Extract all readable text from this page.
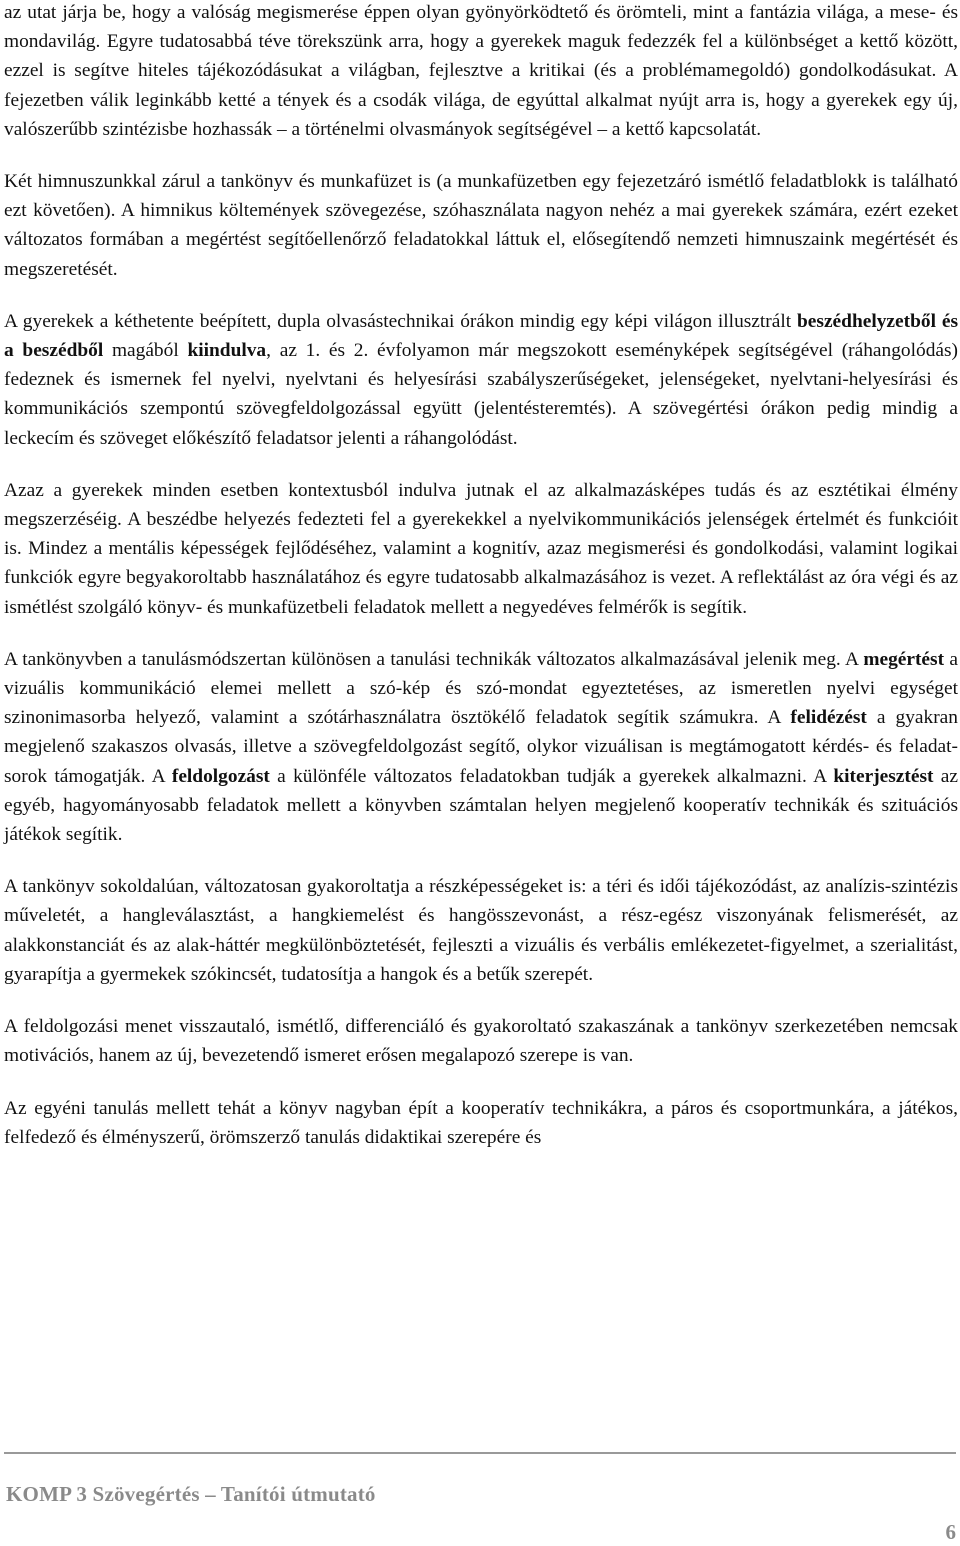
az utat járja be, hogy a valóság megismerése éppen olyan gyönyörködtető és örömteli, mint a fantázia világa, a mese- és mondavilág. Egyre tudatosabbá téve törekszünk arra, hogy a gyerekek maguk fedezzék fel a különbséget a kettő között, ezzel is segítve hiteles tájékozódásukat a világban, fejlesztve a kritikai (és a problémamegoldó) gondolkodásukat. A fejezetben válik leginkább ketté a tények és a csodák világa, de egyúttal alkalmat nyújt arra is, hogy a gyerekek egy új, valószerűbb szintézisbe hozhassák – a történelmi olvasmányok segítségével – a kettő kapcsolatát.

Két himnuszunkkal zárul a tankönyv és munkafüzet is (a munkafüzetben egy fejezetzáró ismétlő feladatblokk is található ezt követően). A himnikus költemények szövegezése, szóhasználata nagyon nehéz a mai gyerekek számára, ezért ezeket változatos formában a megértést segítőellenőrző feladatokkal láttuk el, elősegítendő nemzeti himnuszaink megértését és megszeretését.

A gyerekek a kéthetente beépített, dupla olvasástechnikai órákon mindig egy képi világon illusztrált beszédhelyzetből és a beszédből magából kiindulva, az 1. és 2. évfolyamon már megszokott eseményképek segítségével (ráhangolódás) fedeznek és ismernek fel nyelvi, nyelvtani és helyesírási szabályszerűségeket, jelenségeket, nyelvtani-helyesírási és kommunikációs szempontú szövegfeldolgozással együtt (jelentésteremtés). A szövegértési órákon pedig mindig a leckecím és szöveget előkészítő feladatsor jelenti a ráhangolódást.

Azaz a gyerekek minden esetben kontextusból indulva jutnak el az alkalmazásképes tudás és az esztétikai élmény megszerzéséig. A beszédbe helyezés fedezteti fel a gyerekekkel a nyelvikommunikációs jelenségek értelmét és funkcióit is. Mindez a mentális képességek fejlődéséhez, valamint a kognitív, azaz megismerési és gondolkodási, valamint logikai funkciók egyre begyakoroltabb használatához és egyre tudatosabb alkalmazásához is vezet. A reflektálást az óra végi és az ismétlést szolgáló könyv- és munkafüzetbeli feladatok mellett a negyedéves felmérők is segítik.

A tankönyvben a tanulásmódszertan különösen a tanulási technikák változatos alkalmazásával jelenik meg. A megértést a vizuális kommunikáció elemei mellett a szó-kép és szó-mondat egyeztetéses, az ismeretlen nyelvi egységet szinonimasorba helyező, valamint a szótárhasználatra ösztökélő feladatok segítik számukra. A felidézést a gyakran megjelenő szakaszos olvasás, illetve a szövegfeldolgozást segítő, olykor vizuálisan is megtámogatott kérdés- és feladatsorok támogatják. A feldolgozást a különféle változatos feladatokban tudják a gyerekek alkalmazni. A kiterjesztést az egyéb, hagyományosabb feladatok mellett a könyvben számtalan helyen megjelenő kooperatív technikák és szituációs játékok segítik.

A tankönyv sokoldalúan, változatosan gyakoroltatja a részképességeket is: a téri és idői tájékozódást, az analízis-szintézis műveletét, a hangleválasztást, a hangkiemelést és hangösszevonást, a rész-egész viszonyának felismerését, az alakkonstanciát és az alak-háttér megkülönböztetését, fejleszti a vizuális és verbális emlékezetet-figyelmet, a szerialitást, gyarapítja a gyermekek szókincsét, tudatosítja a hangok és a betűk szerepét.

A feldolgozási menet visszautaló, ismétlő, differenciáló és gyakoroltató szakaszának a tankönyv szerkezetében nemcsak motivációs, hanem az új, bevezetendő ismeret erősen megalapozó szerepe is van.

Az egyéni tanulás mellett tehát a könyv nagyban épít a kooperatív technikákra, a páros és csoportmunkára, a játékos, felfedező és élményszerű, örömszerző tanulás didaktikai szerepére és

KOMP 3 Szövegértés – Tanítói útmutató
6
